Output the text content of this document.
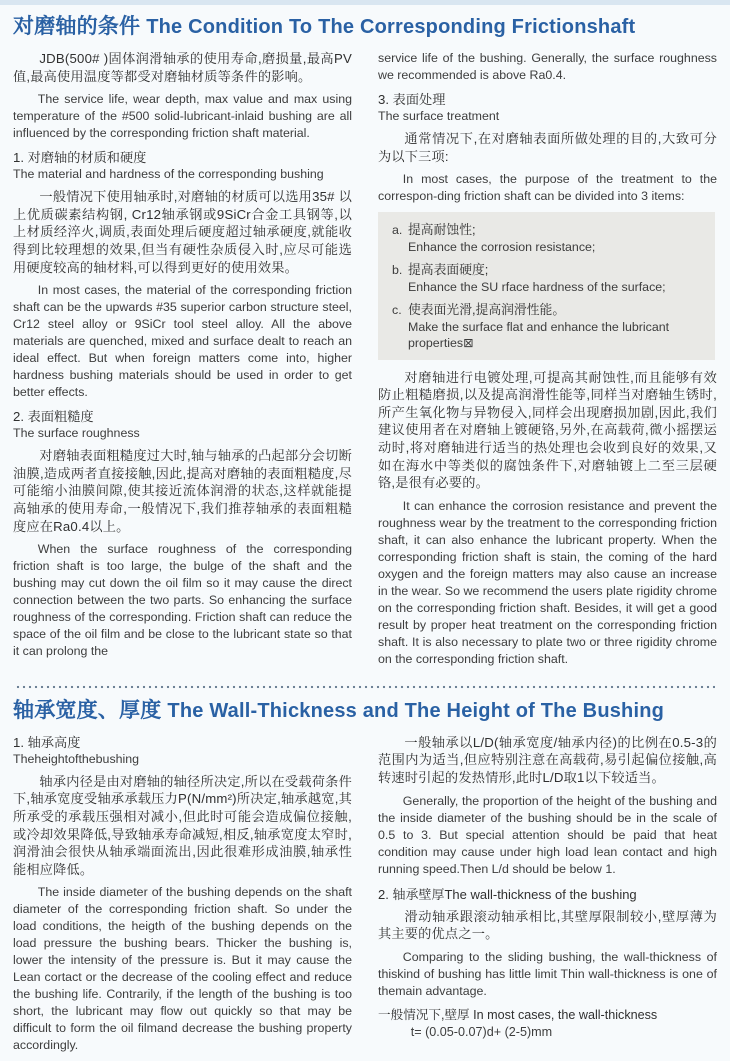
对磨轴的条件 The Condition To The Corresponding Frictionshaft

JDB(500# )固体润滑轴承的使用寿命,磨损量,最高PV值,最高使用温度等都受对磨轴材质等条件的影响。

The service life, wear depth, max value and max using temperature of the #500 solid-lubricant-inlaid bushing are all influenced by the corresponding friction shaft material.

1. 对磨轴的材质和硬度
The material and hardness of the corresponding bushing

一般情况下使用轴承时,对磨轴的材质可以选用35# 以上优质碳素结构钢, Cr12轴承钢或9SiCr合金工具钢等,以上材质经淬火,调质,表面处理后硬度超过轴承硬度,就能收得到比较理想的效果,但当有硬性杂质侵入时,应尽可能选用硬度较高的轴材料,可以得到更好的使用效果。

In most cases, the material of the corresponding friction shaft can be the upwards #35 superior carbon structure steel, Cr12 steel alloy or 9SiCr tool steel alloy. All the above materials are quenched, mixed and surface dealt to reach an ideal effect. But when foreign matters come into, higher hardness bushing materials should be used in order to get better effects.

2. 表面粗糙度
The surface roughness

对磨轴表面粗糙度过大时,轴与轴承的凸起部分会切断油膜,造成两者直接接触,因此,提高对磨轴的表面粗糙度,尽可能缩小油膜间隙,使其接近流体润滑的状态,这样就能提高轴承的使用寿命,一般情况下,我们推荐轴承的表面粗糙度应在Ra0.4以上。

When the surface roughness of the corresponding friction shaft is too large, the bulge of the shaft and the bushing may cut down the oil film so it may cause the direct connection between the two parts. So enhancing the surface roughness of the corresponding. Friction shaft can reduce the space of the oil film and be close to the lubricant state so that it can prolong the

service life of the bushing. Generally, the surface roughness we recommended is above Ra0.4.

3. 表面处理
The surface treatment

通常情况下,在对磨轴表面所做处理的目的,大致可分为以下三项:

In most cases, the purpose of the treatment to the correspon-ding friction shaft can be divided into 3 items:

a. 提高耐蚀性;
Enhance the corrosion resistance;
b. 提高表面硬度;
Enhance the SU rface hardness of the surface;
c. 使表面光滑,提高润滑性能。
Make the surface flat and enhance the lubricant properties⊠

对磨轴进行电镀处理,可提高其耐蚀性,而且能够有效防止粗糙磨损,以及提高润滑性能等,同样当对磨轴生锈时,所产生氧化物与异物侵入,同样会出现磨损加剧,因此,我们建议使用者在对磨轴上镀硬铬,另外,在高载荷,微小摇摆运动时,将对磨轴进行适当的热处理也会收到良好的效果,又如在海水中等类似的腐蚀条件下,对磨轴镀上二至三层硬铬,是很有必要的。

It can enhance the corrosion resistance and prevent the roughness wear by the treatment to the corresponding friction shaft, it can also enhance the lubricant property. When the corresponding friction shaft is stain, the coming of the hard oxygen and the foreign matters may also cause an increase in the wear. So we recommend the users plate rigidity chrome on the corresponding friction shaft. Besides, it will get a good result by proper heat treatment on the corresponding friction shaft. It is also necessary to plate two or three rigidity chrome on the corresponding friction shaft.

轴承宽度、厚度 The Wall-Thickness and The Height of The Bushing
1. 轴承高度
Theheightofthebushing

轴承内径是由对磨轴的轴径所决定,所以在受载荷条件下,轴承宽度受轴承承载压力P(N/mm²)所决定,轴承越宽,其所承受的承载压强相对减小,但此时可能会造成偏位接触,或冷却效果降低,导致轴承寿命减短,相反,轴承宽度太窄时,润滑油会很快从轴承端面流出,因此很难形成油膜,轴承性能相应降低。

The inside diameter of the bushing depends on the shaft diameter of the corresponding friction shaft. So under the load conditions, the heigth of the bushing depends on the load pressure the bushing bears. Thicker the bushing is, lower the intensity of the pressure is. But it may cause the Lean cortact or the decrease of the cooling effect and reduce the bushing life. Contrarily, if the length of the bushing is too short, the lubricant may flow out quickly so that may be difficult to form the oil filmand decrease the bushing property accordingly.

一般轴承以L/D(轴承宽度/轴承内径)的比例在0.5-3的范围内为适当,但应特别注意在高载荷,易引起偏位接触,高转速时引起的发热情形,此时L/D取1以下较适当。

Generally, the proportion of the height of the bushing and the inside diameter of the bushing should be in the scale of 0.5 to 3. But special attention should be paid that heat condition may cause under high load lean contact and high running speed.Then L/d should be below 1.

2. 轴承壁厚The wall-thickness of the bushing

滑动轴承跟滚动轴承相比,其壁厚限制较小,壁厚薄为其主要的优点之一。

Comparing to the sliding bushing, the wall-thickness of thiskind of bushing has little limit Thin wall-thickness is one of themain advantage.

一般情况下,壁厚 In most cases, the wall-thickness
t= (0.05-0.07)d+ (2-5)mm
